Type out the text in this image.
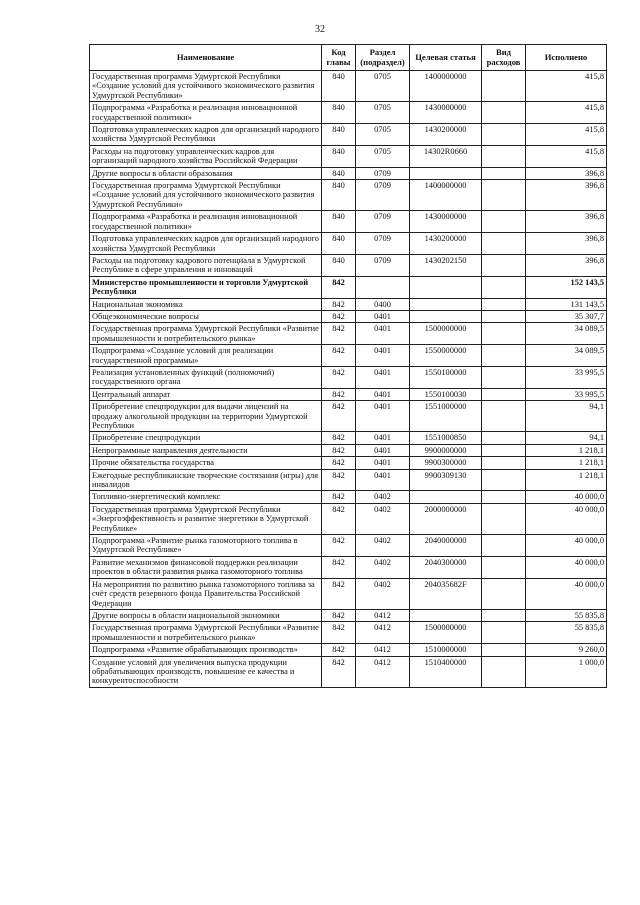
32
Наименование	Код главы	Раздел (подраздел)	Целевая статья	Вид расходов	Исполнено
Государственная программа Удмуртской Республики «Создание условий для устойчивого экономического развития Удмуртской Республики»	840	0705	1400000000		415,8
Подпрограмма «Разработка и реализация инновационной государственной политики»	840	0705	1430000000		415,8
Подготовка управленческих кадров для организаций народного хозяйства Удмуртской Республики	840	0705	1430200000		415,8
Расходы на подготовку управленческих кадров для организаций народного хозяйства Российской Федерации	840	0705	14302R0660		415,8
Другие вопросы в области образования	840	0709			396,8
Государственная программа Удмуртской Республики «Создание условий для устойчивого экономического развития Удмуртской Республики»	840	0709	1400000000		396,8
Подпрограмма «Разработка и реализация инновационной государственной политики»	840	0709	1430000000		396,8
Подготовка управленческих кадров для организаций народного хозяйства Удмуртской Республики	840	0709	1430200000		396,8
Расходы на подготовку кадрового потенциала в Удмуртской Республике в сфере управления и инноваций	840	0709	1430202150		396,8
Министерство промышленности и торговли Удмуртской Республики	842				152 143,5
Национальная экономика	842	0400			131 143,5
Общеэкономические вопросы	842	0401			35 307,7
Государственная программа Удмуртской Республики «Развитие промышленности и потребительского рынка»	842	0401	1500000000		34 089,5
Подпрограмма «Создание условий для реализации государственной программы»	842	0401	1550000000		34 089,5
Реализация установленных функций (полномочий) государственного органа	842	0401	1550100000		33 995,5
Центральный аппарат	842	0401	1550100030		33 995,5
Приобретение спецпродукции для выдачи лицензий на продажу алкогольной продукции на территории Удмуртской Республики	842	0401	1551000000		94,1
Приобретение спецпродукции	842	0401	1551000850		94,1
Непрограммные направления деятельности	842	0401	9900000000		1 218,1
Прочие обязательства государства	842	0401	9900300000		1 218,1
Ежегодные республиканские творческие состязания (игры) для инвалидов	842	0401	9900309130		1 218,1
Топливно-энергетический комплекс	842	0402			40 000,0
Государственная программа Удмуртской Республики «Энергоэффективность и развитие энергетики в Удмуртской Республике»	842	0402	2000000000		40 000,0
Подпрограмма «Развитие рынка газомоторного топлива в Удмуртской Республике»	842	0402	2040000000		40 000,0
Развитие механизмов финансовой поддержки реализации проектов в области развития рынка газомоторного топлива	842	0402	2040300000		40 000,0
На мероприятия по развитию рынка газомоторного топлива за счёт средств резервного фонда Правительства Российской Федерации	842	0402	204035682F		40 000,0
Другие вопросы в области национальной экономики	842	0412			55 835,8
Государственная программа Удмуртской Республики «Развитие промышленности и потребительского рынка»	842	0412	1500000000		55 835,8
Подпрограмма «Развитие обрабатывающих производств»	842	0412	1510000000		9 260,0
Создание условий для увеличения выпуска продукции обрабатывающих производств, повышение ее качества и конкурентоспособности	842	0412	1510400000		1 000,0
